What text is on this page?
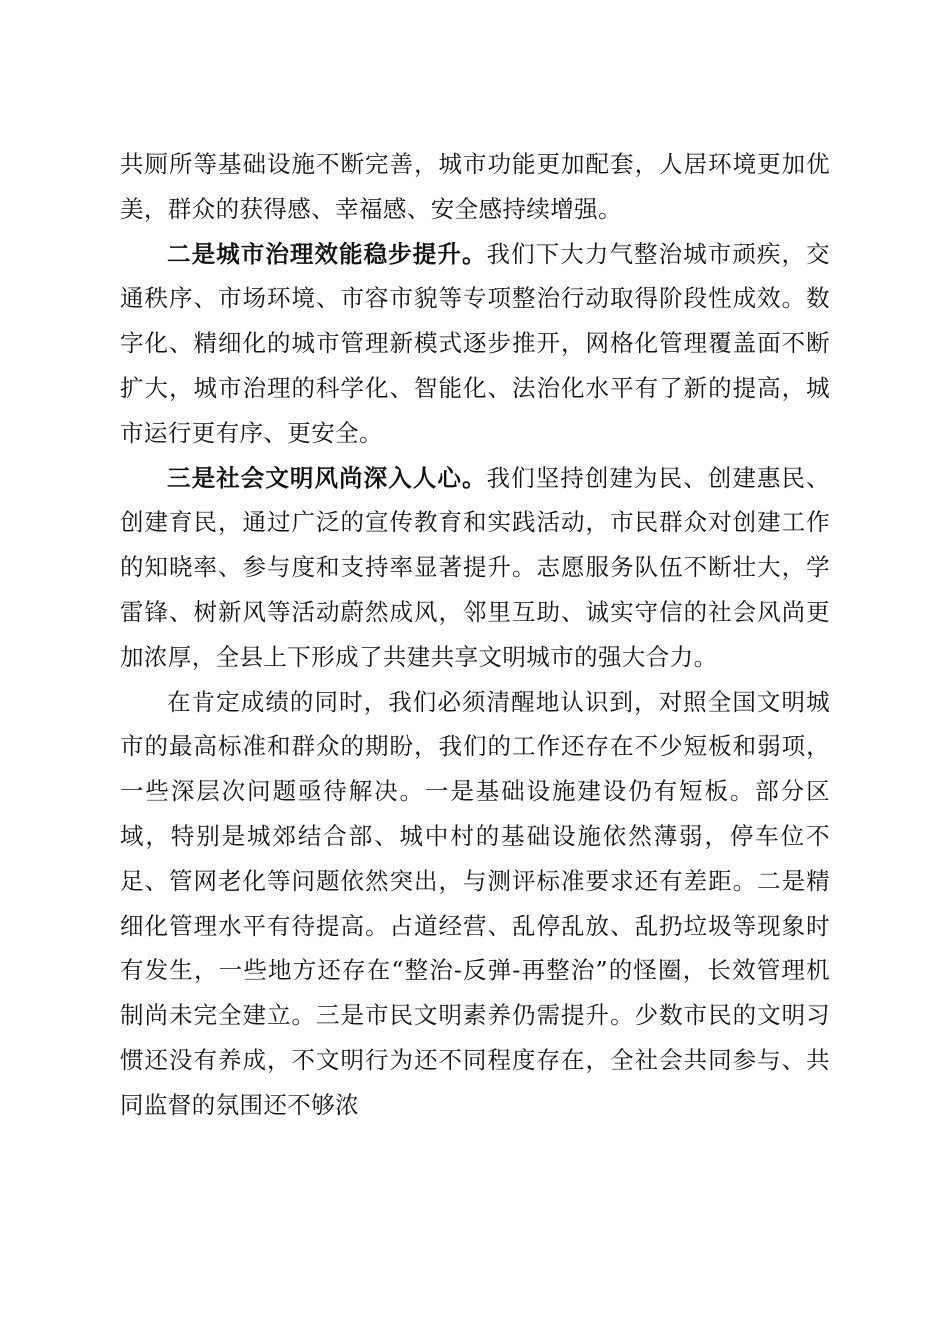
共厕所等基础设施不断完善，城市功能更加配套，人居环境更加优美，群众的获得感、幸福感、安全感持续增强。

二是城市治理效能稳步提升。我们下大力气整治城市顽疾，交通秩序、市场环境、市容市貌等专项整治行动取得阶段性成效。数字化、精细化的城市管理新模式逐步推开，网格化管理覆盖面不断扩大，城市治理的科学化、智能化、法治化水平有了新的提高，城市运行更有序、更安全。

三是社会文明风尚深入人心。我们坚持创建为民、创建惠民、创建育民，通过广泛的宣传教育和实践活动，市民群众对创建工作的知晓率、参与度和支持率显著提升。志愿服务队伍不断壮大，学雷锋、树新风等活动蔚然成风，邻里互助、诚实守信的社会风尚更加浓厚，全县上下形成了共建共享文明城市的强大合力。

在肯定成绩的同时，我们必须清醒地认识到，对照全国文明城市的最高标准和群众的期盼，我们的工作还存在不少短板和弱项，一些深层次问题亟待解决。一是基础设施建设仍有短板。部分区域，特别是城郊结合部、城中村的基础设施依然薄弱，停车位不足、管网老化等问题依然突出，与测评标准要求还有差距。二是精细化管理水平有待提高。占道经营、乱停乱放、乱扔垃圾等现象时有发生，一些地方还存在“整治-反弹-再整治”的怪圈，长效管理机制尚未完全建立。三是市民文明素养仍需提升。少数市民的文明习惯还没有养成，不文明行为还不同程度存在，全社会共同参与、共同监督的氛围还不够浓
